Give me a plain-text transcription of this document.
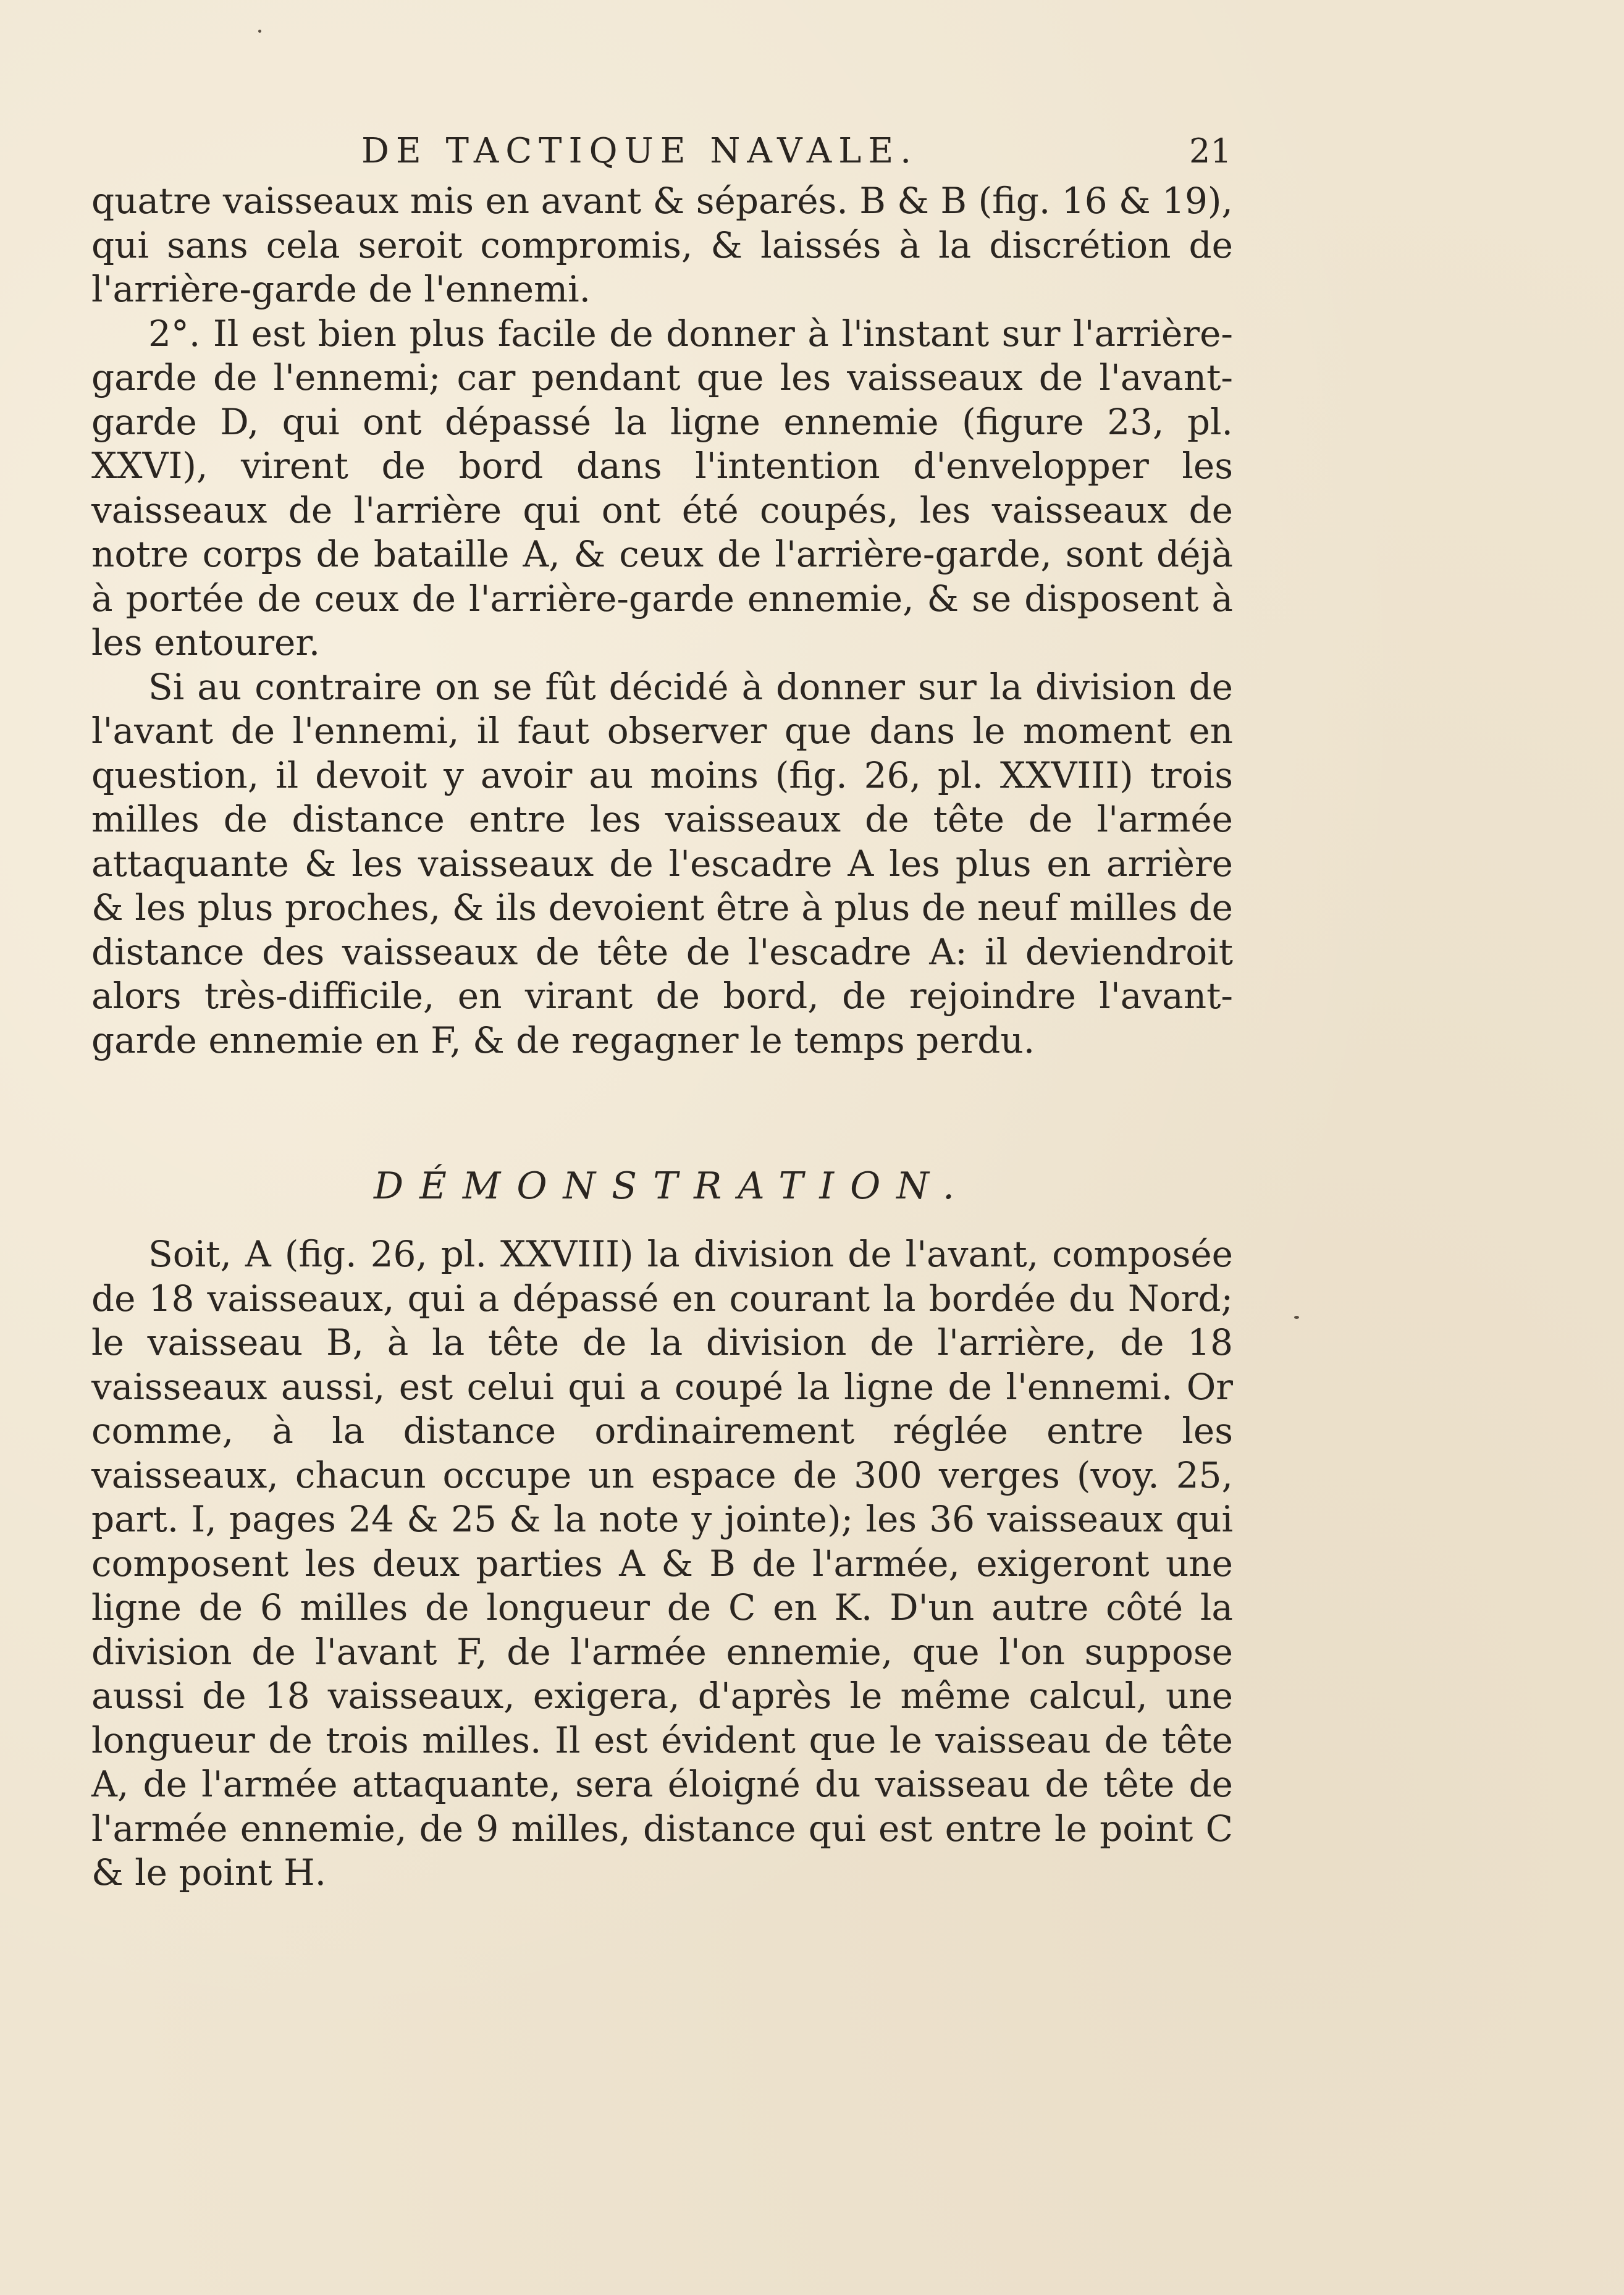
DE TACTIQUE NAVALE.	21

quatre vaisseaux mis en avant & séparés. B & B (fig. 16 & 19), qui sans cela seroit compromis, & laissés à la discrétion de l'arrière-garde de l'ennemi.

2°. Il est bien plus facile de donner à l'instant sur l'arrière-garde de l'ennemi; car pendant que les vaisseaux de l'avant-garde D, qui ont dépassé la ligne ennemie (figure 23, pl. XXVI), virent de bord dans l'intention d'envelopper les vaisseaux de l'arrière qui ont été coupés, les vaisseaux de notre corps de bataille A, & ceux de l'arrière-garde, sont déjà à portée de ceux de l'arrière-garde ennemie, & se disposent à les entourer.

Si au contraire on se fût décidé à donner sur la division de l'avant de l'ennemi, il faut observer que dans le moment en question, il devoit y avoir au moins (fig. 26, pl. XXVIII) trois milles de distance entre les vaisseaux de tête de l'armée attaquante & les vaisseaux de l'escadre A les plus en arrière & les plus proches, & ils devoient être à plus de neuf milles de distance des vaisseaux de tête de l'escadre A: il deviendroit alors très-difficile, en virant de bord, de rejoindre l'avant-garde ennemie en F, & de regagner le temps perdu.

DÉMONSTRATION.

Soit, A (fig. 26, pl. XXVIII) la division de l'avant, composée de 18 vaisseaux, qui a dépassé en courant la bordée du Nord; le vaisseau B, à la tête de la division de l'arrière, de 18 vaisseaux aussi, est celui qui a coupé la ligne de l'ennemi. Or comme, à la distance ordinairement réglée entre les vaisseaux, chacun occupe un espace de 300 verges (voy. 25, part. I, pages 24 & 25 & la note y jointe); les 36 vaisseaux qui composent les deux parties A & B de l'armée, exigeront une ligne de 6 milles de longueur de C en K. D'un autre côté la division de l'avant F, de l'armée ennemie, que l'on suppose aussi de 18 vaisseaux, exigera, d'après le même calcul, une longueur de trois milles. Il est évident que le vaisseau de tête A, de l'armée attaquante, sera éloigné du vaisseau de tête de l'armée ennemie, de 9 milles, distance qui est entre le point C & le point H.
